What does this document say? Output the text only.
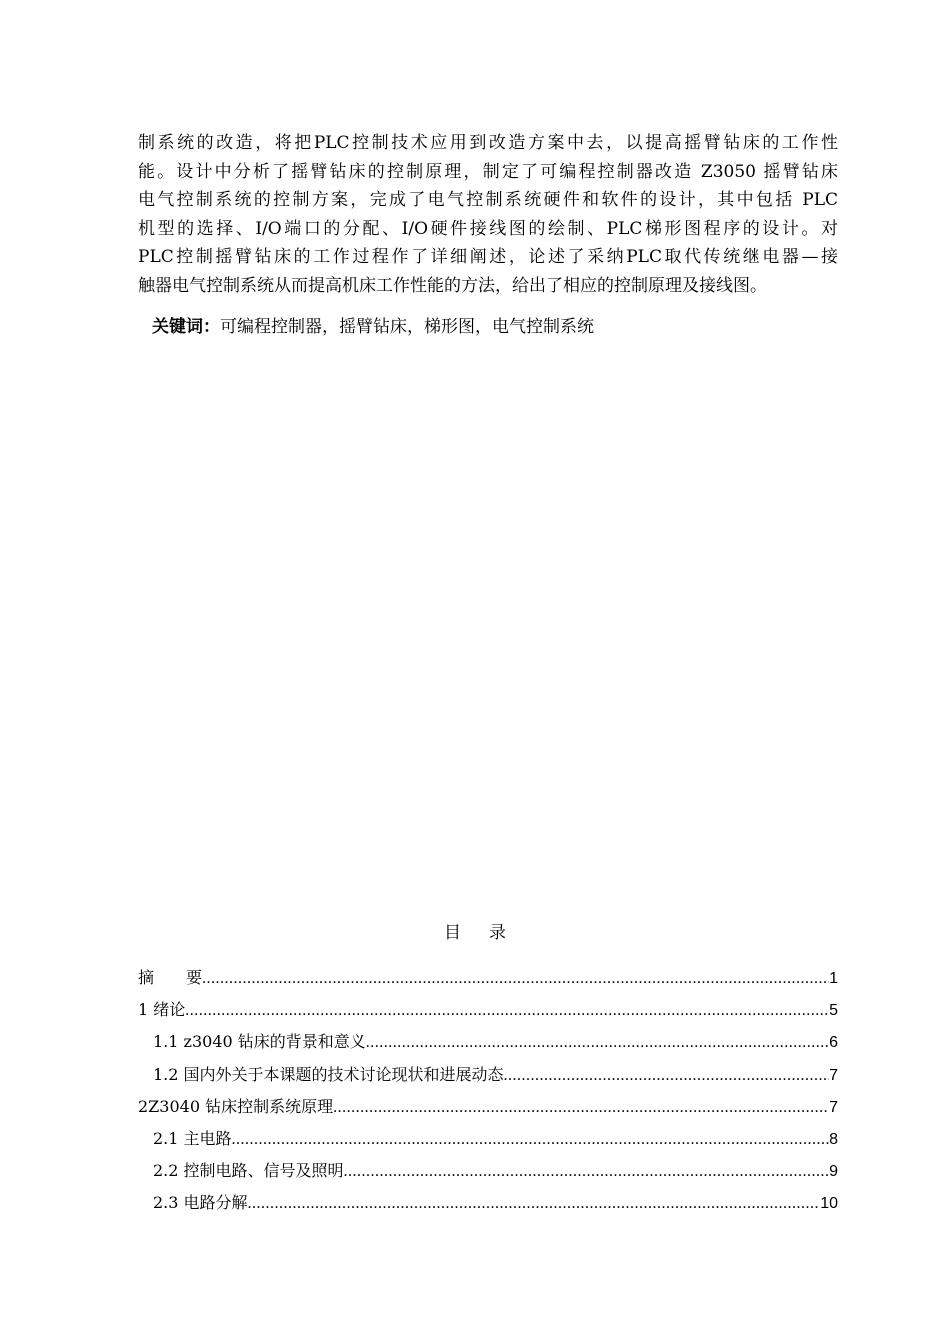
制系统的改造，将把PLC控制技术应用到改造方案中去，以提高摇臂钻床的工作性
能。设计中分析了摇臂钻床的控制原理，制定了可编程控制器改造 Z3050 摇臂钻床
电气控制系统的控制方案，完成了电气控制系统硬件和软件的设计，其中包括 PLC
机型的选择、I/O端口的分配、I/O硬件接线图的绘制、PLC梯形图程序的设计。对
PLC控制摇臂钻床的工作过程作了详细阐述，论述了采纳PLC取代传统继电器—接
触器电气控制系统从而提高机床工作性能的方法，给出了相应的控制原理及接线图。
关键词：可编程控制器，摇臂钻床，梯形图，电气控制系统
目录
摘　　要 .....	1
1 绪论 .....	5
1.1 z3040 钻床的背景和意义 .....	6
1.2 国内外关于本课题的技术讨论现状和进展动态 .....	7
2Z3040 钻床控制系统原理 .....	7
2.1 主电路 .....	8
2.2 控制电路、信号及照明 .....	9
2.3 电路分解 .....	10
